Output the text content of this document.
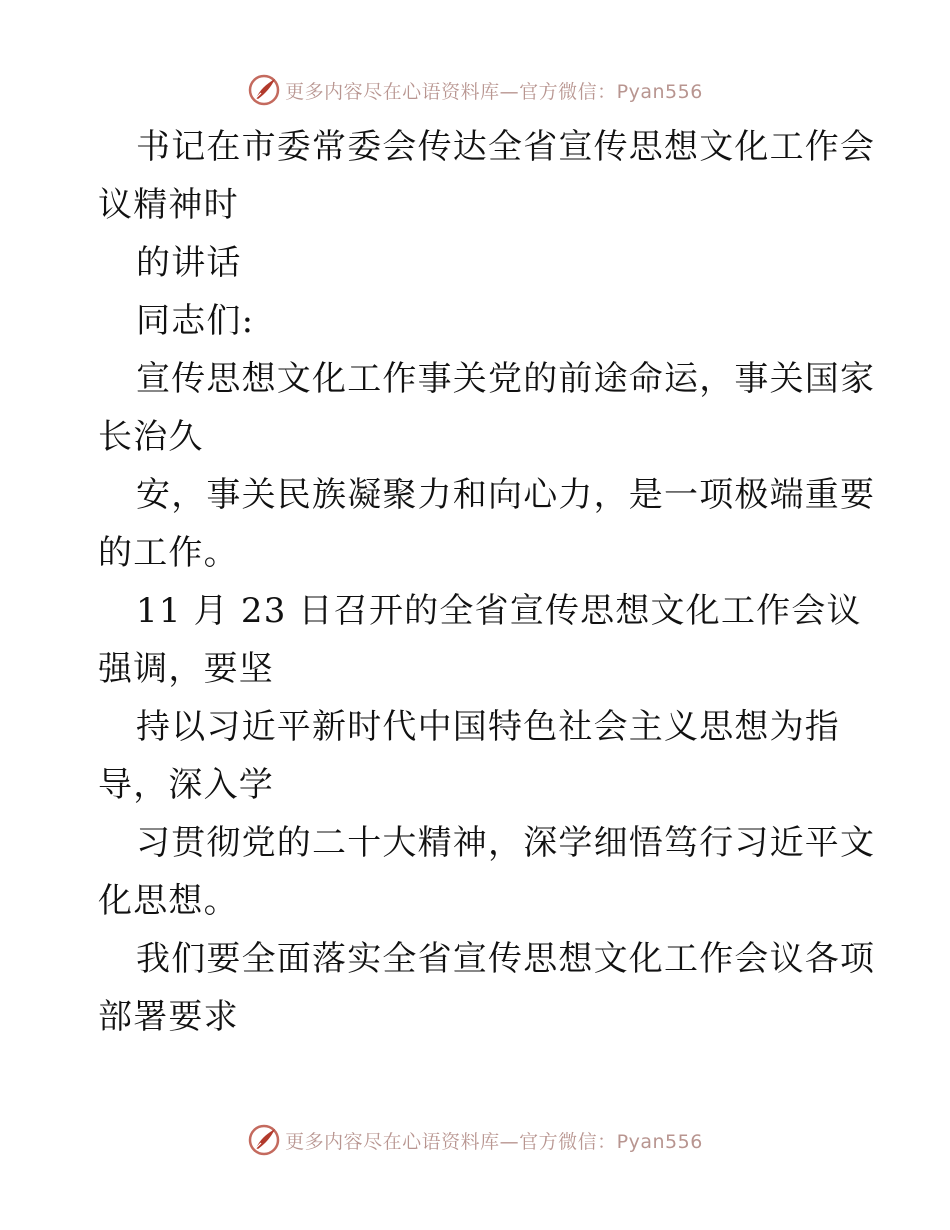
更多内容尽在心语资料库—官方微信：Pyan556
书记在市委常委会传达全省宣传思想文化工作会
议精神时
的讲话
同志们:
宣传思想文化工作事关党的前途命运，事关国家
长治久
安，事关民族凝聚力和向心力，是一项极端重要
的工作。
11 月 23 日召开的全省宣传思想文化工作会议
强调，要坚
持以习近平新时代中国特色社会主义思想为指
导，深入学
习贯彻党的二十大精神，深学细悟笃行习近平文
化思想。
我们要全面落实全省宣传思想文化工作会议各项
部署要求
更多内容尽在心语资料库—官方微信：Pyan556
